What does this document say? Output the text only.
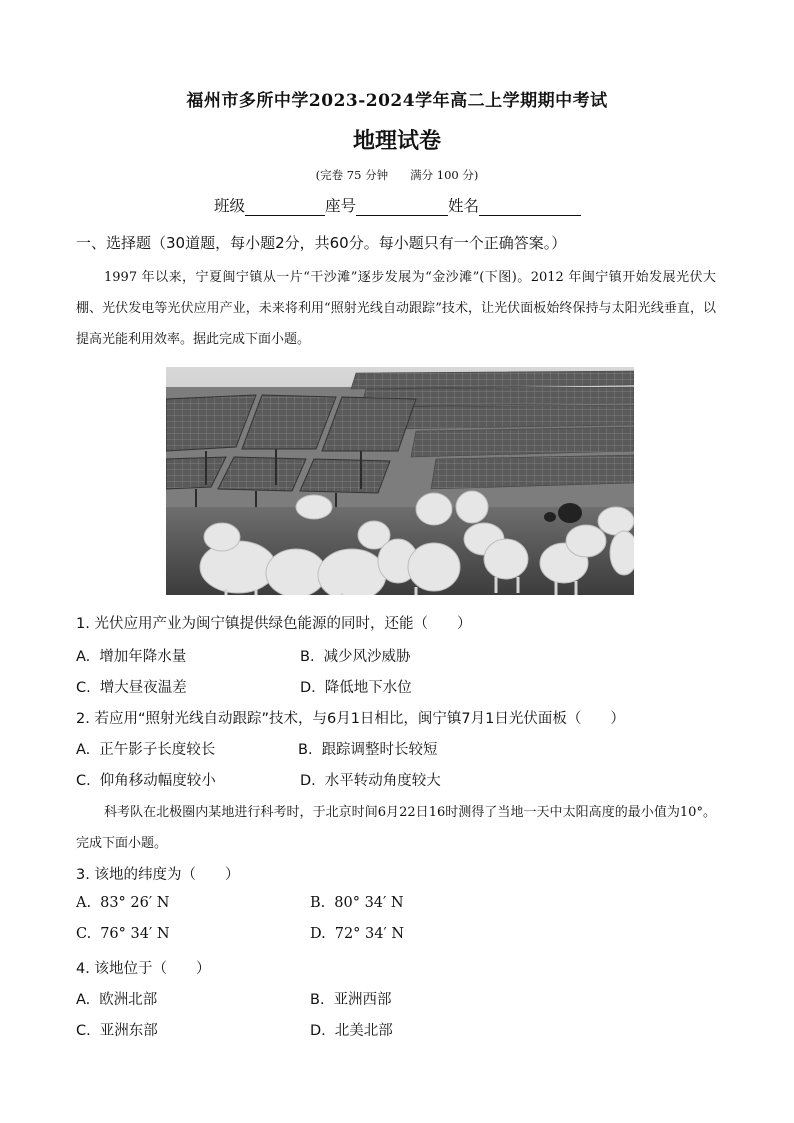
福州市多所中学2023-2024学年高二上学期期中考试
地理试卷
(完卷 75 分钟 满分 100 分)
班级	座号	姓名
一、选择题（30道题，每小题2分，共60分。每小题只有一个正确答案。）
1997 年以来，宁夏闽宁镇从一片“干沙滩”逐步发展为“金沙滩”(下图)。2012 年闽宁镇开始发展光伏大棚、光伏发电等光伏应用产业，未来将利用“照射光线自动跟踪”技术，让光伏面板始终保持与太阳光线垂直，以提高光能利用效率。据此完成下面小题。
1. 光伏应用产业为闽宁镇提供绿色能源的同时，还能（　　）
A. 增加年降水量	B. 减少风沙威胁
C. 增大昼夜温差	D. 降低地下水位
2. 若应用“照射光线自动跟踪”技术，与6月1日相比，闽宁镇7月1日光伏面板（　　）
A. 正午影子长度较长	B. 跟踪调整时长较短
C. 仰角移动幅度较小	D. 水平转动角度较大
科考队在北极圈内某地进行科考时，于北京时间6月22日16时测得了当地一天中太阳高度的最小值为10°。完成下面小题。
3. 该地的纬度为（　　）
A. 83° 26′ N	B. 80° 34′ N
C. 76° 34′ N	D. 72° 34′ N
4. 该地位于（　　）
A. 欧洲北部	B. 亚洲西部
C. 亚洲东部	D. 北美北部
